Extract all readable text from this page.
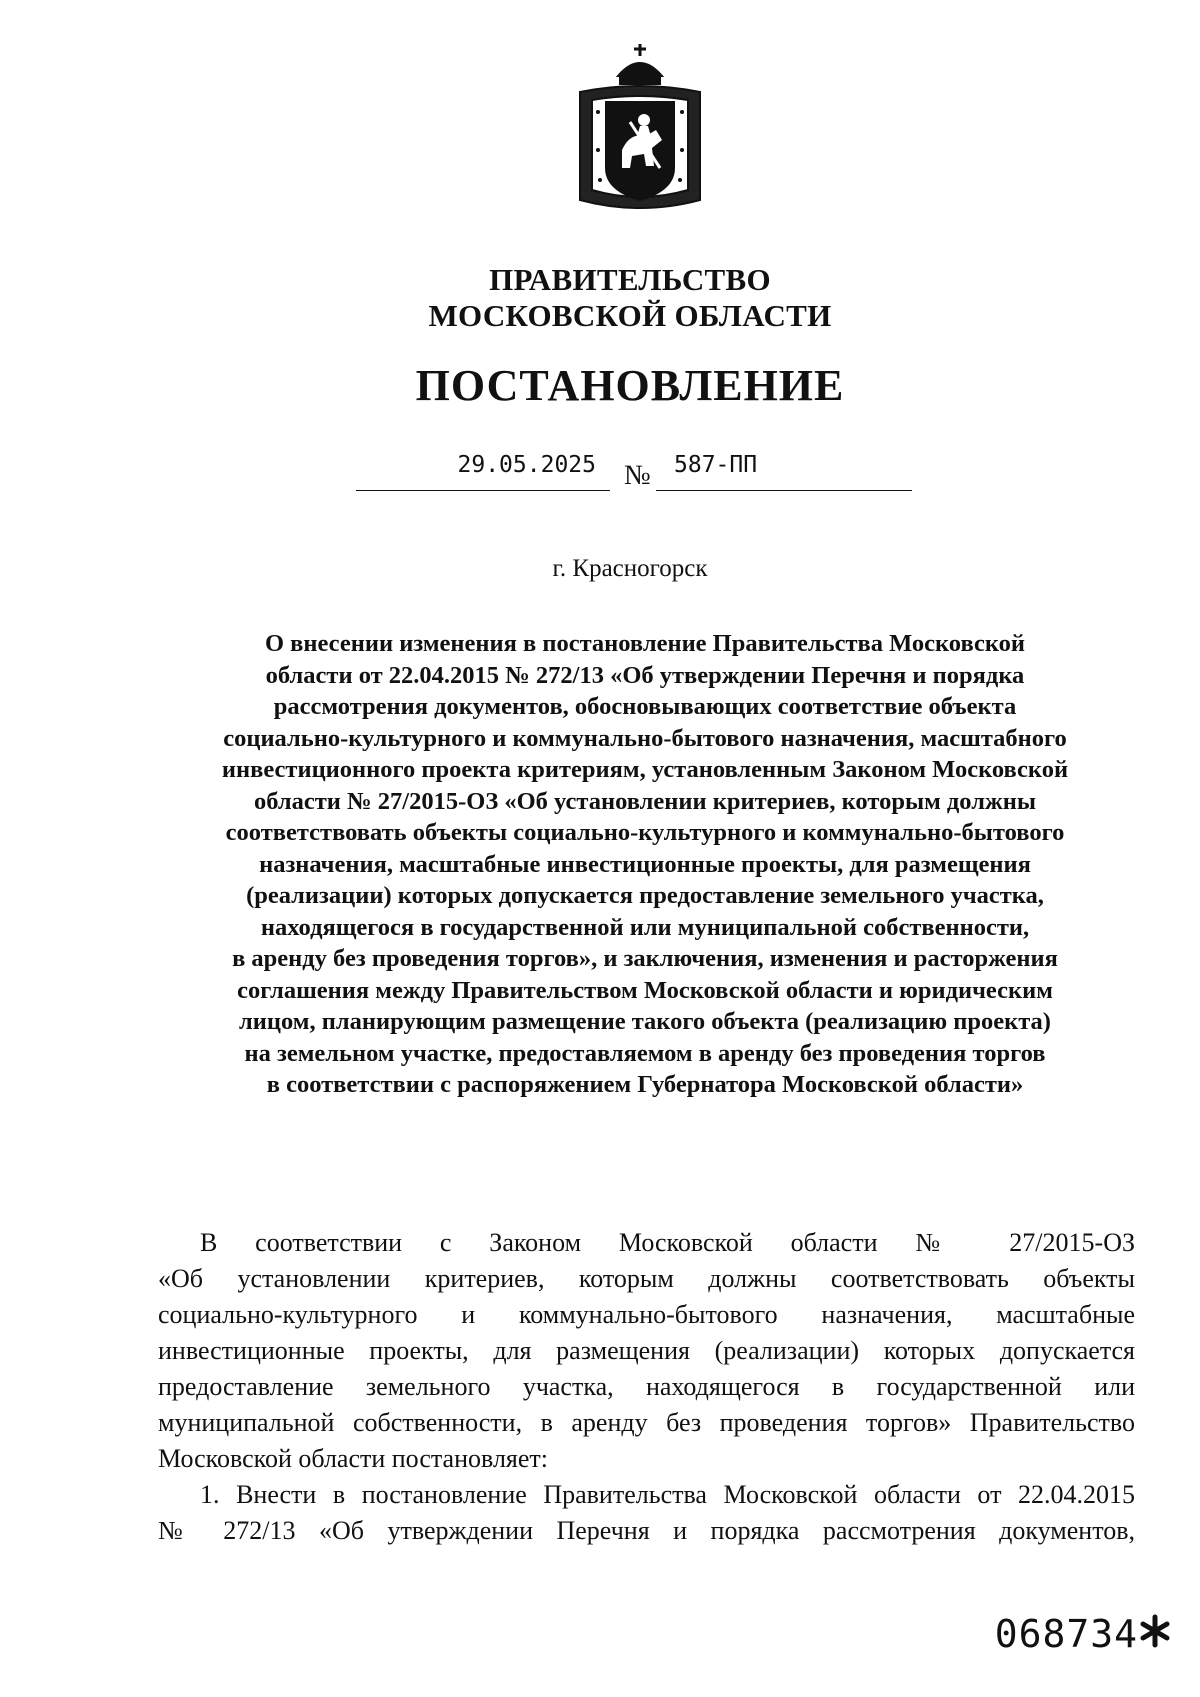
ПРАВИТЕЛЬСТВО
МОСКОВСКОЙ ОБЛАСТИ
ПОСТАНОВЛЕНИЕ
29.05.2025	№	587-ПП
г. Красногорск
О внесении изменения в постановление Правительства Московской
области от 22.04.2015 № 272/13 «Об утверждении Перечня и порядка
рассмотрения документов, обосновывающих соответствие объекта
социально-культурного и коммунально-бытового назначения, масштабного
инвестиционного проекта критериям, установленным Законом Московской
области № 27/2015-ОЗ «Об установлении критериев, которым должны
соответствовать объекты социально-культурного и коммунально-бытового
назначения, масштабные инвестиционные проекты, для размещения
(реализации) которых допускается предоставление земельного участка,
находящегося в государственной или муниципальной собственности,
в аренду без проведения торгов», и заключения, изменения и расторжения
соглашения между Правительством Московской области и юридическим
лицом, планирующим размещение такого объекта (реализацию проекта)
на земельном участке, предоставляемом в аренду без проведения торгов
в соответствии с распоряжением Губернатора Московской области»
В соответствии с Законом Московской области № 27/2015-ОЗ
«Об установлении критериев, которым должны соответствовать объекты
социально-культурного и коммунально-бытового назначения, масштабные
инвестиционные проекты, для размещения (реализации) которых допускается
предоставление земельного участка, находящегося в государственной или
муниципальной собственности, в аренду без проведения торгов» Правительство
Московской области постановляет:
1. Внести в постановление Правительства Московской области от 22.04.2015
№ 272/13 «Об утверждении Перечня и порядка рассмотрения документов,
068734
